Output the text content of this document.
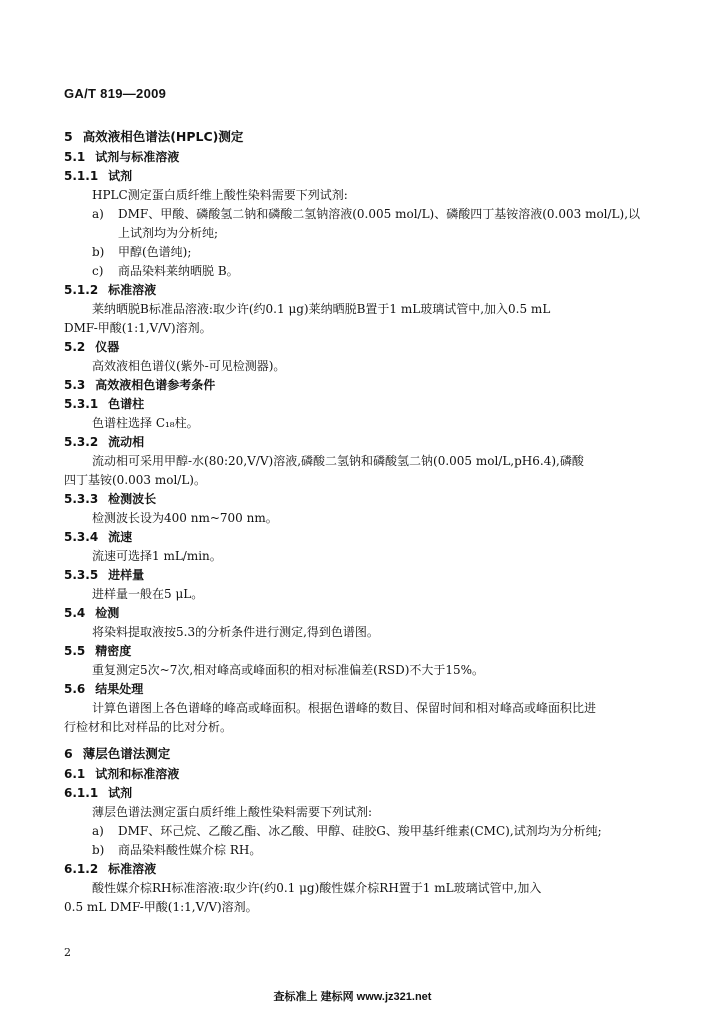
GA/T 819—2009
5 高效液相色谱法(HPLC)测定
5.1 试剂与标准溶液
5.1.1 试剂
HPLC测定蛋白质纤维上酸性染料需要下列试剂:
a) DMF、甲酸、磷酸氢二钠和磷酸二氢钠溶液(0.005 mol/L)、磷酸四丁基铵溶液(0.003 mol/L),以
上试剂均为分析纯;
b) 甲醇(色谱纯);
c) 商品染料莱纳晒脱 B。
5.1.2 标准溶液
莱纳晒脱B标准品溶液:取少许(约0.1 μg)莱纳晒脱B置于1 mL玻璃试管中,加入0.5 mL
DMF-甲酸(1:1,V/V)溶剂。
5.2 仪器
高效液相色谱仪(紫外-可见检测器)。
5.3 高效液相色谱参考条件
5.3.1 色谱柱
色谱柱选择 C₁₈柱。
5.3.2 流动相
流动相可采用甲醇-水(80:20,V/V)溶液,磷酸二氢钠和磷酸氢二钠(0.005 mol/L,pH6.4),磷酸
四丁基铵(0.003 mol/L)。
5.3.3 检测波长
检测波长设为400 nm~700 nm。
5.3.4 流速
流速可选择1 mL/min。
5.3.5 进样量
进样量一般在5 μL。
5.4 检测
将染料提取液按5.3的分析条件进行测定,得到色谱图。
5.5 精密度
重复测定5次~7次,相对峰高或峰面积的相对标准偏差(RSD)不大于15%。
5.6 结果处理
计算色谱图上各色谱峰的峰高或峰面积。根据色谱峰的数目、保留时间和相对峰高或峰面积比进
行检材和比对样品的比对分析。
6 薄层色谱法测定
6.1 试剂和标准溶液
6.1.1 试剂
薄层色谱法测定蛋白质纤维上酸性染料需要下列试剂:
a) DMF、环己烷、乙酸乙酯、冰乙酸、甲醇、硅胶G、羧甲基纤维素(CMC),试剂均为分析纯;
b) 商品染料酸性媒介棕 RH。
6.1.2 标准溶液
酸性媒介棕RH标准溶液:取少许(约0.1 μg)酸性媒介棕RH置于1 mL玻璃试管中,加入
0.5 mL DMF-甲酸(1:1,V/V)溶剂。
2
查标准上 建标网 www.jz321.net
